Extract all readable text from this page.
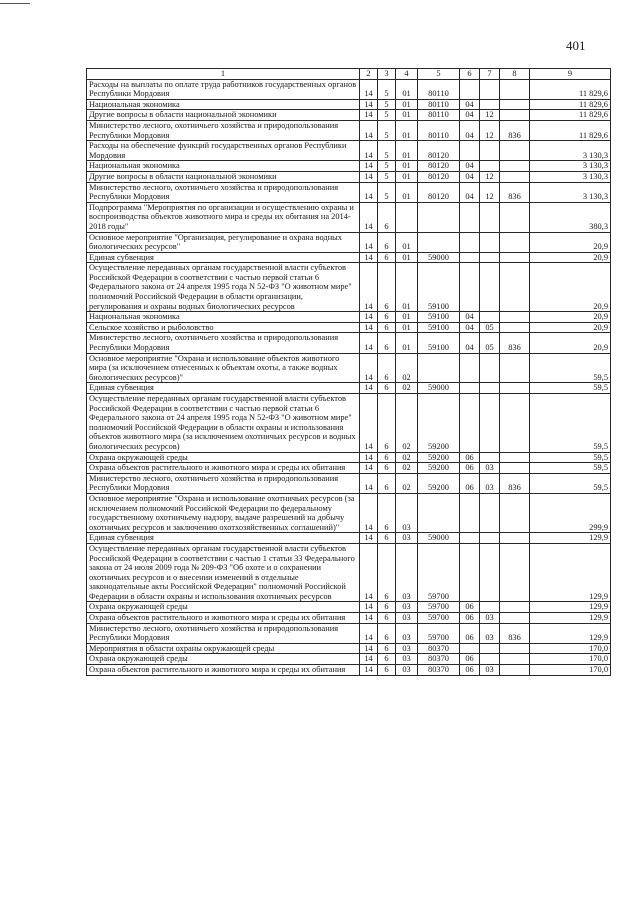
401
1	2	3	4	5	6	7	8	9
Расходы на выплаты по оплате труда работников государственных органов Республики Мордовия	14	5	01	80110				11 829,6
Национальная экономика	14	5	01	80110	04			11 829,6
Другие вопросы в области национальной экономики	14	5	01	80110	04	12		11 829,6
Министерство лесного, охотничьего хозяйства и природопользования Республики Мордовия	14	5	01	80110	04	12	836	11 829,6
Расходы на обеспечение функций государственных органов Республики Мордовия	14	5	01	80120				3 130,3
Национальная экономика	14	5	01	80120	04			3 130,3
Другие вопросы в области национальной экономики	14	5	01	80120	04	12		3 130,3
Министерство лесного, охотничьего хозяйства и природопользования Республики Мордовия	14	5	01	80120	04	12	836	3 130,3
Подпрограмма "Мероприятия по организации и осуществлению охраны и воспроизводства объектов животного мира и среды их обитания на 2014-2018 годы"	14	6						380,3
Основное мероприятие "Организация, регулирование и охрана водных биологических ресурсов"	14	6	01					20,9
Единая субвенция	14	6	01	59000				20,9
Осуществление переданных органам государственной власти субъектов Российской Федерации в соответствии с частью первой статьи 6 Федерального закона от 24 апреля 1995 года N 52-ФЗ "О животном мире" полномочий Российской Федерации в области организации, регулирования и охраны водных биологических ресурсов	14	6	01	59100				20,9
Национальная экономика	14	6	01	59100	04			20,9
Сельское хозяйство и рыболовство	14	6	01	59100	04	05		20,9
Министерство лесного, охотничьего хозяйства и природопользования Республики Мордовия	14	6	01	59100	04	05	836	20,9
Основное мероприятие "Охрана и использование объектов животного мира (за исключением отнесенных к объектам охоты, а также водных биологических ресурсов)"	14	6	02					59,5
Единая субвенция	14	6	02	59000				59,5
Осуществление переданных органам государственной власти субъектов Российской Федерации в соответствии с частью первой статьи 6 Федерального закона от 24 апреля 1995 года N 52-ФЗ "О животном мире" полномочий Российской Федерации в области охраны и использования объектов животного мира (за исключением охотничьих ресурсов и водных биологических ресурсов)	14	6	02	59200				59,5
Охрана окружающей среды	14	6	02	59200	06			59,5
Охрана объектов растительного и животного мира и среды их обитания	14	6	02	59200	06	03		59,5
Министерство лесного, охотничьего хозяйства и природопользования Республики Мордовия	14	6	02	59200	06	03	836	59,5
Основное мероприятие "Охрана и использование охотничьих ресурсов (за исключением полномочий Российской Федерации по федеральному государственному охотничьему надзору, выдаче разрешений на добычу охотничьих ресурсов и заключению охотхозяйственных соглашений)"	14	6	03					299,9
Единая субвенция	14	6	03	59000				129,9
Осуществление переданных органам государственной власти субъектов Российской Федерации в соответствии с частью 1 статьи 33 Федерального закона от 24 июля 2009 года № 209-ФЗ "Об охоте и о сохранении охотничьих ресурсов и о внесении изменений в отдельные законодательные акты Российской Федерации" полномочий Российской Федерации в области охраны и использования охотничьих ресурсов	14	6	03	59700				129,9
Охрана окружающей среды	14	6	03	59700	06			129,9
Охрана объектов растительного и животного мира и среды их обитания	14	6	03	59700	06	03		129,9
Министерство лесного, охотничьего хозяйства и природопользования Республики Мордовия	14	6	03	59700	06	03	836	129,9
Мероприятия в области охраны окружающей среды	14	6	03	80370				170,0
Охрана окружающей среды	14	6	03	80370	06			170,0
Охрана объектов растительного и животного мира и среды их обитания	14	6	03	80370	06	03		170,0
